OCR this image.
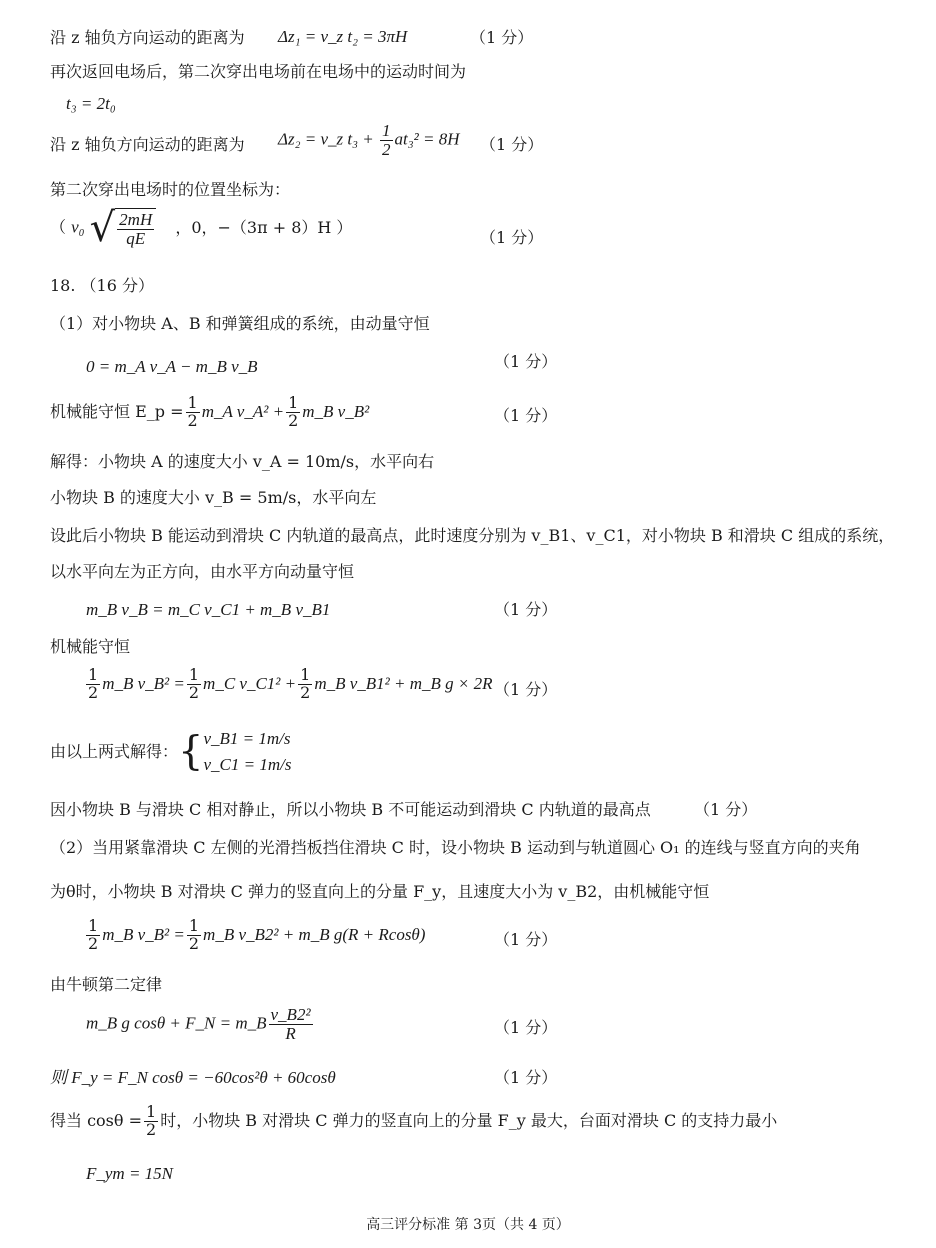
沿 z 轴负方向运动的距离为 Δz₁ = v_z t₂ = 3πH	（1 分）
再次返回电场后，第二次穿出电场前在电场中的运动时间为
t₃ = 2t₀
沿 z 轴负方向运动的距离为 Δz₂ = v_z $t_3 + \frac{1}{2} at_3^2 = 8H$ （1 分）
第二次穿出电场时的位置坐标为：
（ v₀ √ $\frac{2mH}{qE}$ ，0，−（3π + 8）H ）
（1 分）
18. （16 分）
（1）对小物块 A、B 和弹簧组成的系统，由动量守恒
0 = m_A v_A − m_B v_B	（1 分）
机械能守恒 E_p = $\frac{1}{2}$ m_A v_A² + $\frac{1}{2}$ m_B v_B²	（1 分）
解得：小物块 A 的速度大小 v_A = 10m/s，水平向右
小物块 B 的速度大小 v_B = 5m/s，水平向左
设此后小物块 B 能运动到滑块 C 内轨道的最高点，此时速度分别为 v_B1、v_C1，对小物块 B 和滑块 C 组成的系统，
以水平向左为正方向，由水平方向动量守恒
m_B v_B = m_C v_C1 + m_B v_B1	（1 分）
机械能守恒
$\frac{1}{2}$ m_B v_B² = $\frac{1}{2}$ m_C v_C1² + $\frac{1}{2}$ m_B v_B1² + m_B g × 2R （1 分）
由以上两式解得：{ v_B1 = 1m/s
v_C1 = 1m/s
因小物块 B 与滑块 C 相对静止，所以小物块 B 不可能运动到滑块 C 内轨道的最高点	（1 分）
（2）当用紧靠滑块 C 左侧的光滑挡板挡住滑块 C 时，设小物块 B 运动到与轨道圆心 O₁ 的连线与竖直方向的夹角
为θ时，小物块 B 对滑块 C 弹力的竖直向上的分量 F_y，且速度大小为 v_B2，由机械能守恒
$\frac{1}{2}$ m_B v_B² = $\frac{1}{2}$ m_B v_B2² + m_B g(R + Rcosθ)	（1 分）
由牛顿第二定律
m_B g cosθ + F_N = m_B $\frac{\text{v\_B2²}}{R}$	（1 分）
则 F_y = F_N cosθ = −60cos²θ + 60cosθ	（1 分）
得当 $\cos\theta = \frac{1}{2}$ 时，小物块 B 对滑块 C 弹力的竖直向上的分量 F_y 最大，台面对滑块 C 的支持力最小
F_ym = 15N
高三评分标准 第 3页（共 4 页）
